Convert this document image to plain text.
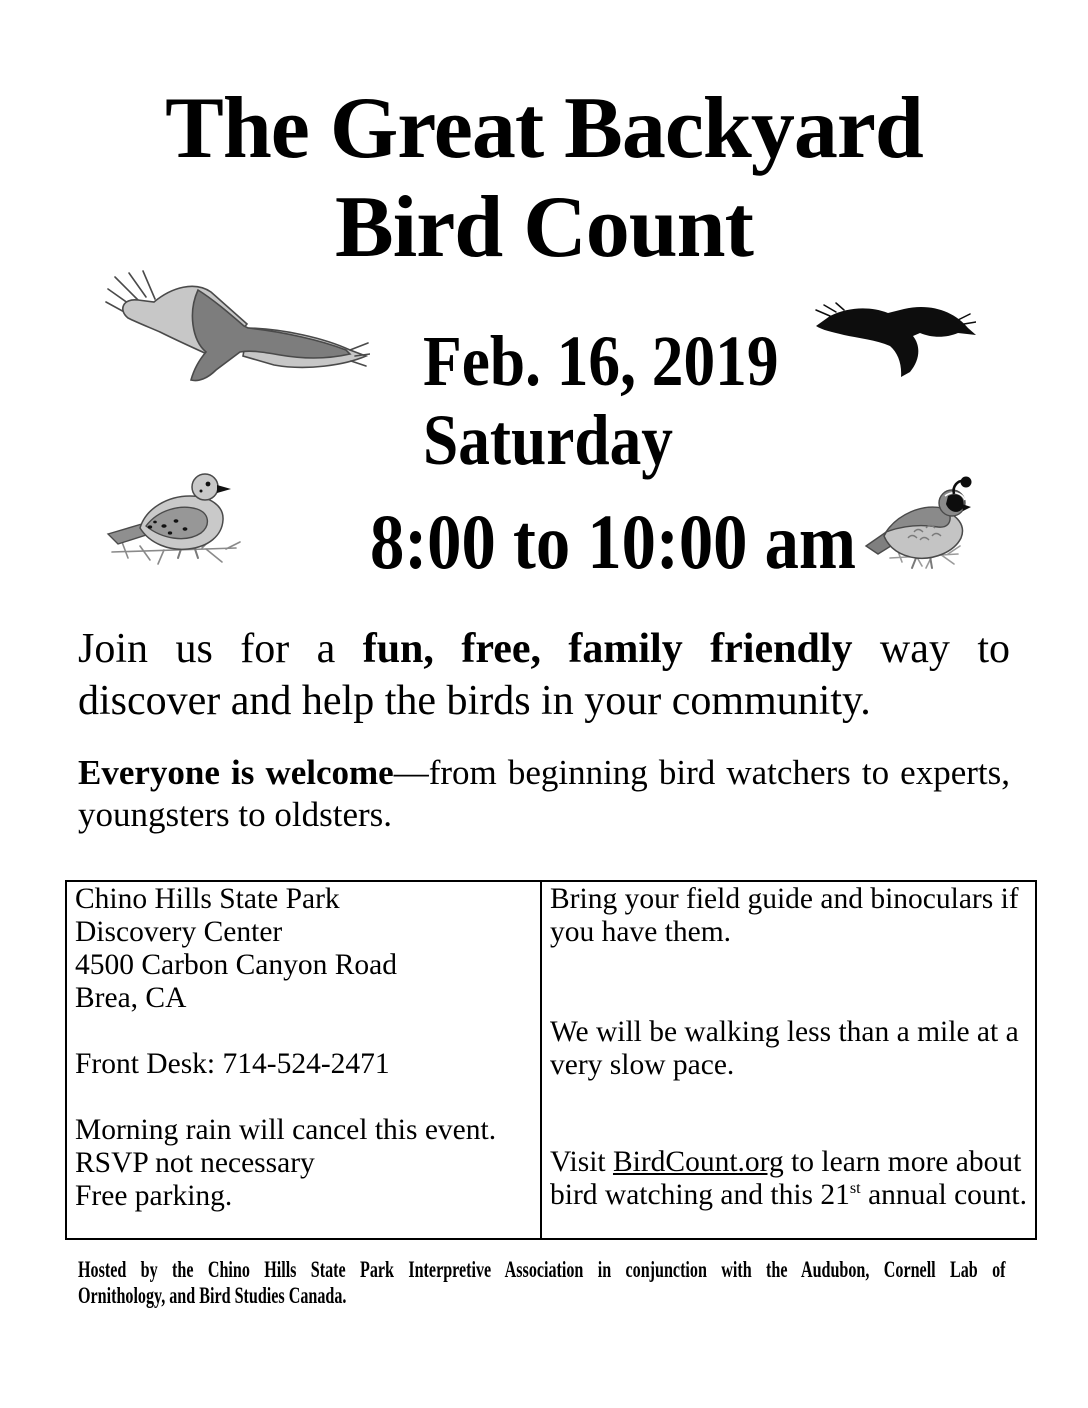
The Great Backyard
Bird Count
Feb. 16, 2019
Saturday
8:00 to 10:00 am
Join us for a fun, free, family friendly way to
discover and help the birds in your community.
Everyone is welcome—from beginning bird watchers to experts,
youngsters to oldsters.
Chino Hills State Park
Discovery Center
4500 Carbon Canyon Road
Brea, CA
Front Desk: 714-524-2471
Morning rain will cancel this event.
RSVP not necessary
Free parking.
Bring your field guide and binoculars if you have them.
We will be walking less than a mile at a very slow pace.
Visit BirdCount.org to learn more about bird watching and this 21st annual count.
Hosted by the Chino Hills State Park Interpretive Association in conjunction with the Audubon, Cornell Lab of
Ornithology, and Bird Studies Canada.
